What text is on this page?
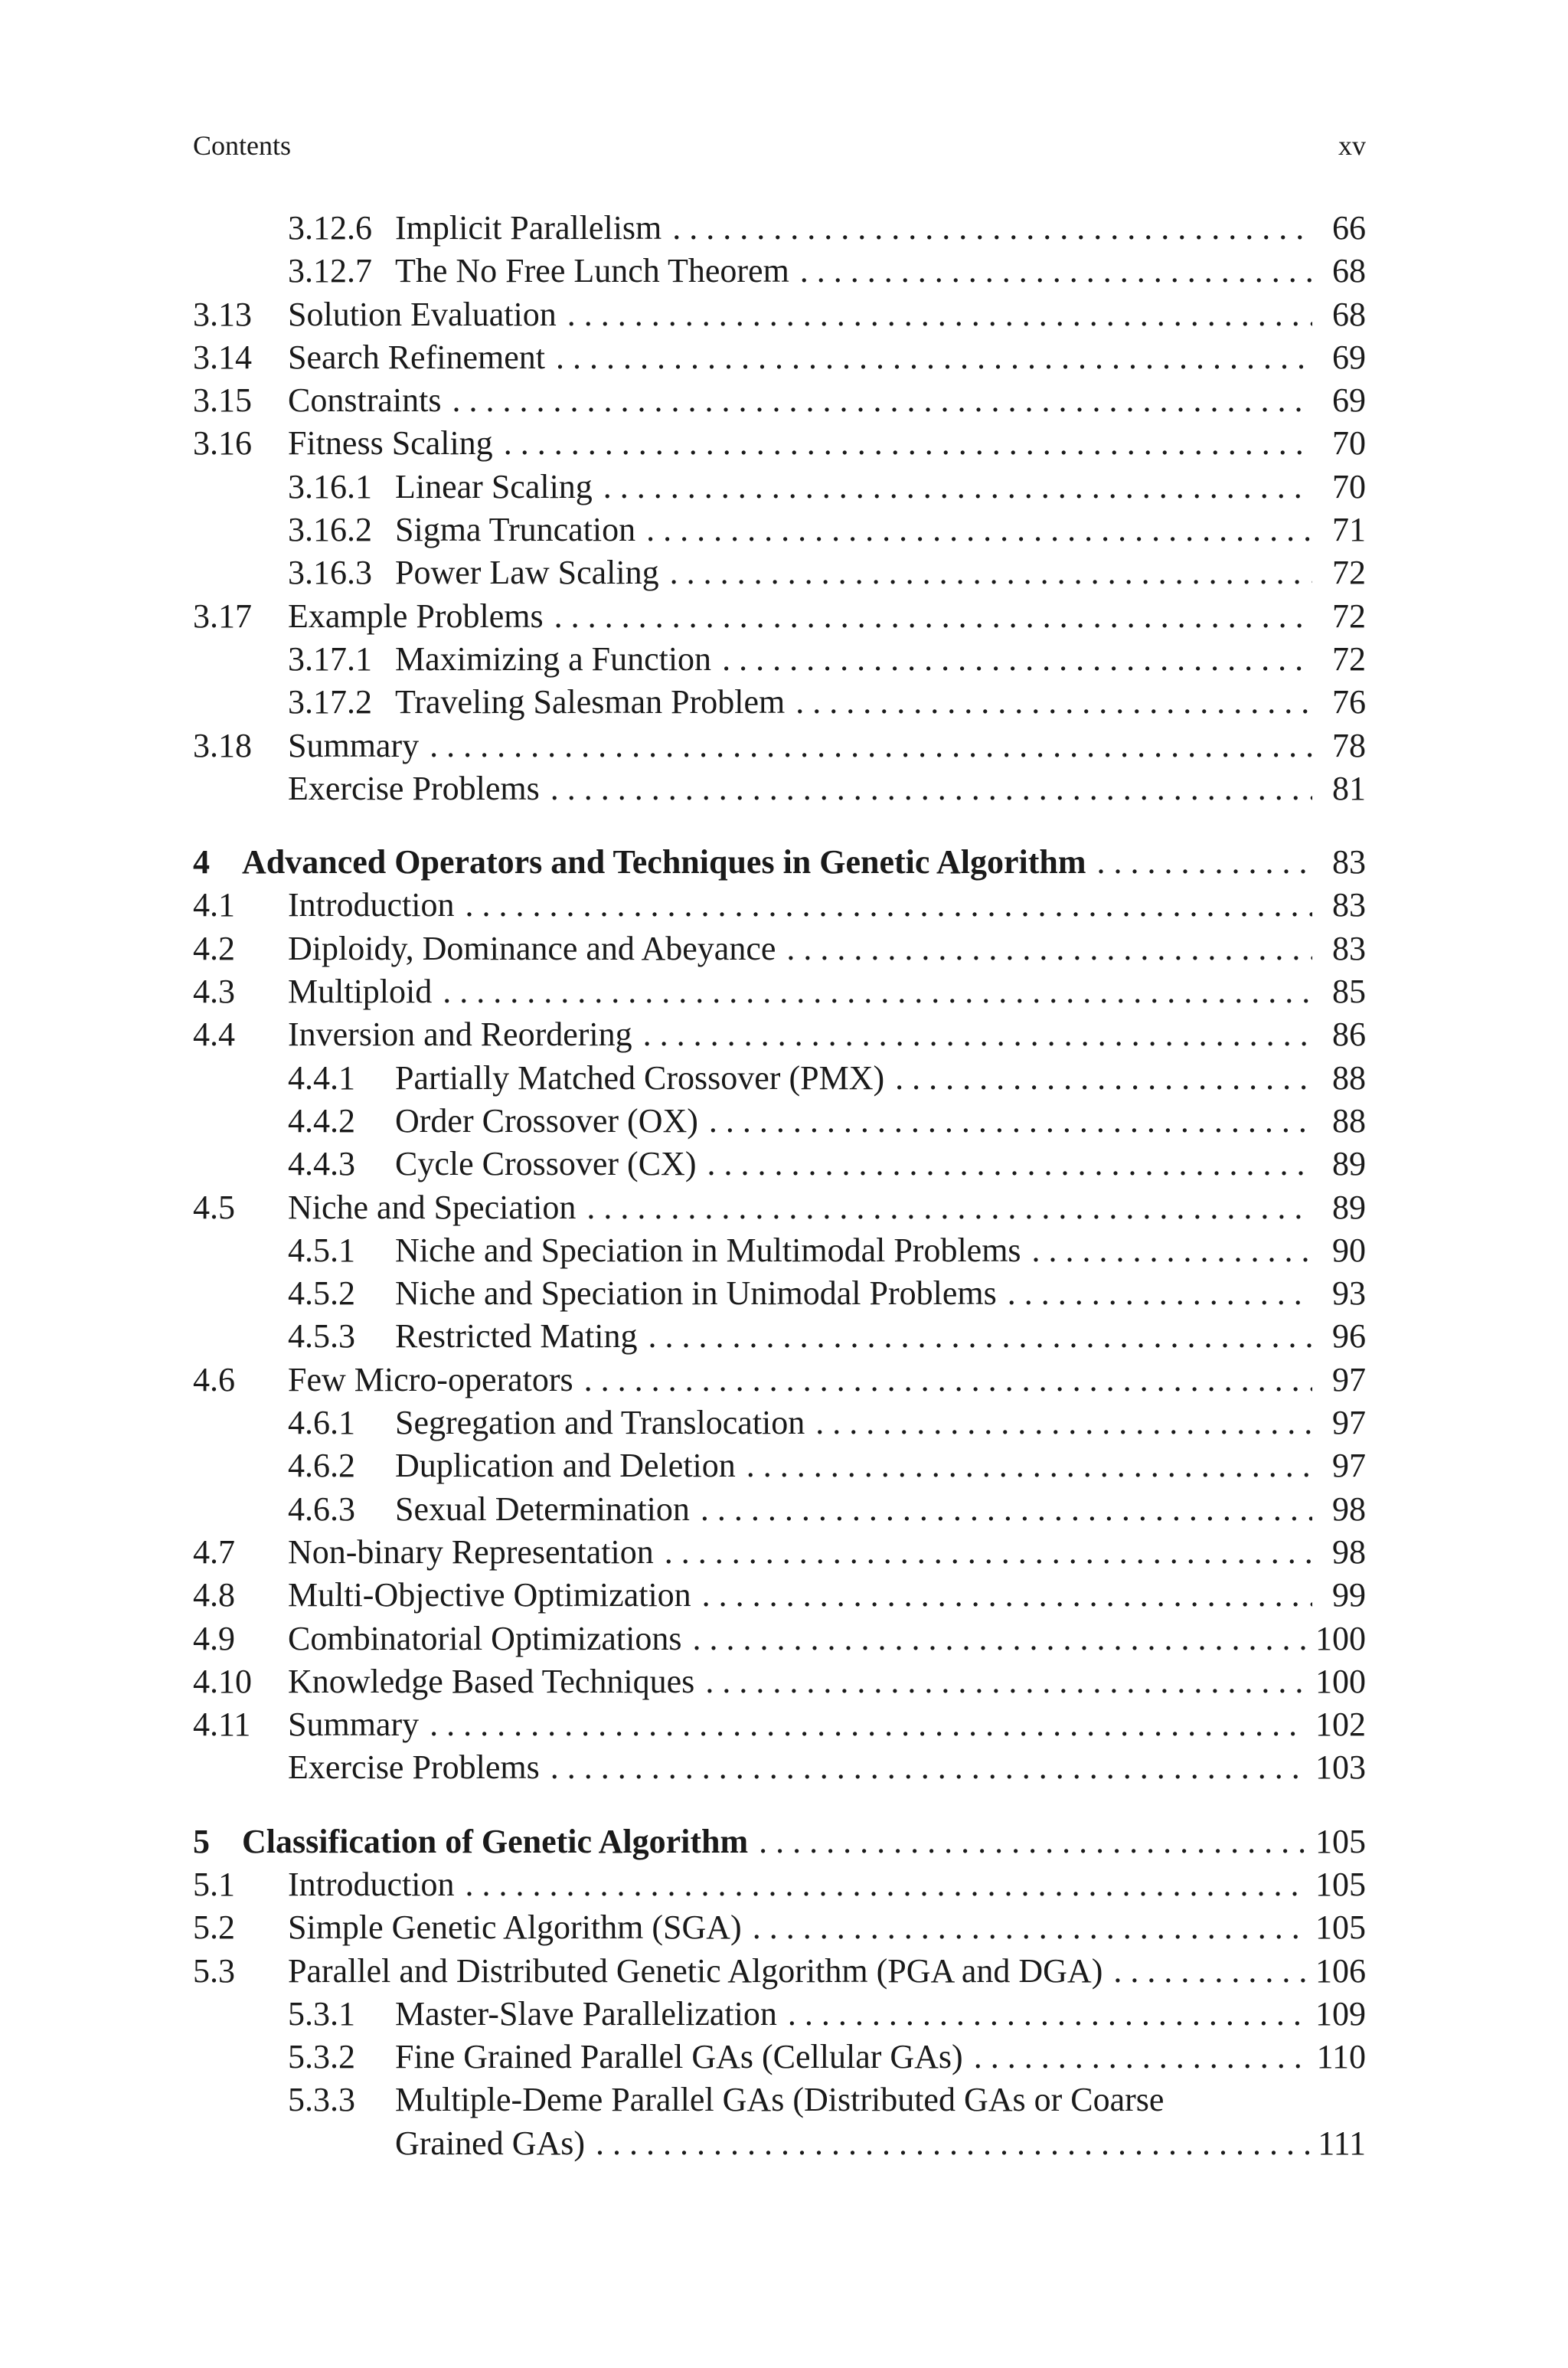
Contents	xv
3.12.6 Implicit Parallelism . . .	66
3.12.7 The No Free Lunch Theorem . . .	68
3.13 Solution Evaluation . . .	68
3.14 Search Refinement . . .	69
3.15 Constraints . . .	69
3.16 Fitness Scaling . . .	70
3.16.1 Linear Scaling . . .	70
3.16.2 Sigma Truncation . . .	71
3.16.3 Power Law Scaling . . .	72
3.17 Example Problems . . .	72
3.17.1 Maximizing a Function . . .	72
3.17.2 Traveling Salesman Problem . . .	76
3.18 Summary . . .	78
Exercise Problems . . .	81
4 Advanced Operators and Techniques in Genetic Algorithm . . .	83
4.1 Introduction . . .	83
4.2 Diploidy, Dominance and Abeyance . . .	83
4.3 Multiploid . . .	85
4.4 Inversion and Reordering . . .	86
4.4.1 Partially Matched Crossover (PMX) . . .	88
4.4.2 Order Crossover (OX) . . .	88
4.4.3 Cycle Crossover (CX) . . .	89
4.5 Niche and Speciation . . .	89
4.5.1 Niche and Speciation in Multimodal Problems . . .	90
4.5.2 Niche and Speciation in Unimodal Problems . . .	93
4.5.3 Restricted Mating . . .	96
4.6 Few Micro-operators . . .	97
4.6.1 Segregation and Translocation . . .	97
4.6.2 Duplication and Deletion . . .	97
4.6.3 Sexual Determination . . .	98
4.7 Non-binary Representation . . .	98
4.8 Multi-Objective Optimization . . .	99
4.9 Combinatorial Optimizations . . .	100
4.10 Knowledge Based Techniques . . .	100
4.11 Summary . . .	102
Exercise Problems . . .	103
5 Classification of Genetic Algorithm . . .	105
5.1 Introduction . . .	105
5.2 Simple Genetic Algorithm (SGA) . . .	105
5.3 Parallel and Distributed Genetic Algorithm (PGA and DGA) . . .	106
5.3.1 Master-Slave Parallelization . . .	109
5.3.2 Fine Grained Parallel GAs (Cellular GAs) . . .	110
5.3.3 Multiple-Deme Parallel GAs (Distributed GAs or Coarse
Grained GAs) . . .	111
